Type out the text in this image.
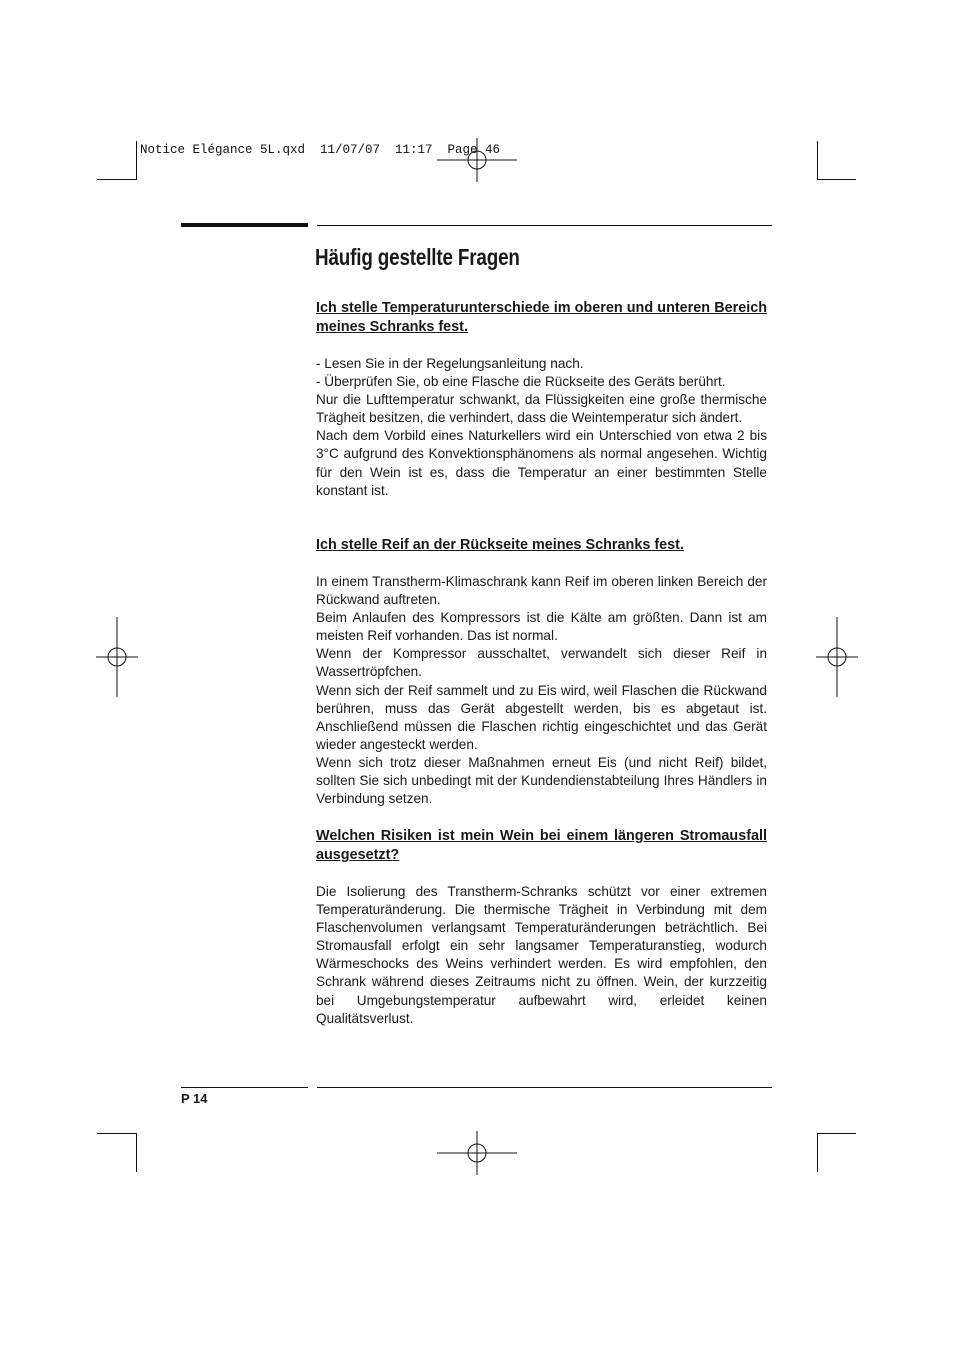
Notice Elégance 5L.qxd  11/07/07  11:17  Page 46
Häufig gestellte Fragen

Ich stelle Temperaturunterschiede im oberen und unteren Bereich meines Schranks fest.

- Lesen Sie in der Regelungsanleitung nach.

- Überprüfen Sie, ob eine Flasche die Rückseite des Geräts berührt.

Nur die Lufttemperatur schwankt, da Flüssigkeiten eine große thermische Trägheit besitzen, die verhindert, dass die Weintemperatur sich ändert.

Nach dem Vorbild eines Naturkellers wird ein Unterschied von etwa 2 bis 3°C aufgrund des Konvektionsphänomens als normal angesehen. Wichtig für den Wein ist es, dass die Temperatur an einer bestimmten Stelle konstant ist.

Ich stelle Reif an der Rückseite meines Schranks fest.

In einem Transtherm-Klimaschrank kann Reif im oberen linken Bereich der Rückwand auftreten.

Beim Anlaufen des Kompressors ist die Kälte am größten. Dann ist am meisten Reif vorhanden. Das ist normal.

Wenn der Kompressor ausschaltet, verwandelt sich dieser Reif in Wassertröpfchen.

Wenn sich der Reif sammelt und zu Eis wird, weil Flaschen die Rückwand berühren, muss das Gerät abgestellt werden, bis es abgetaut ist. Anschließend müssen die Flaschen richtig eingeschichtet und das Gerät wieder angesteckt werden.

Wenn sich trotz dieser Maßnahmen erneut Eis (und nicht Reif) bildet, sollten Sie sich unbedingt mit der Kundendienstabteilung Ihres Händlers in Verbindung setzen.

Welchen Risiken ist mein Wein bei einem längeren Stromausfall ausgesetzt?

Die Isolierung des Transtherm-Schranks schützt vor einer extremen Temperaturänderung. Die thermische Trägheit in Verbindung mit dem Flaschenvolumen verlangsamt Temperaturänderungen beträchtlich. Bei Stromausfall erfolgt ein sehr langsamer Temperaturanstieg, wodurch Wärmeschocks des Weins verhindert werden. Es wird empfohlen, den Schrank während dieses Zeitraums nicht zu öffnen. Wein, der kurzzeitig bei Umgebungstemperatur aufbewahrt wird, erleidet keinen Qualitätsverlust.

P 14
